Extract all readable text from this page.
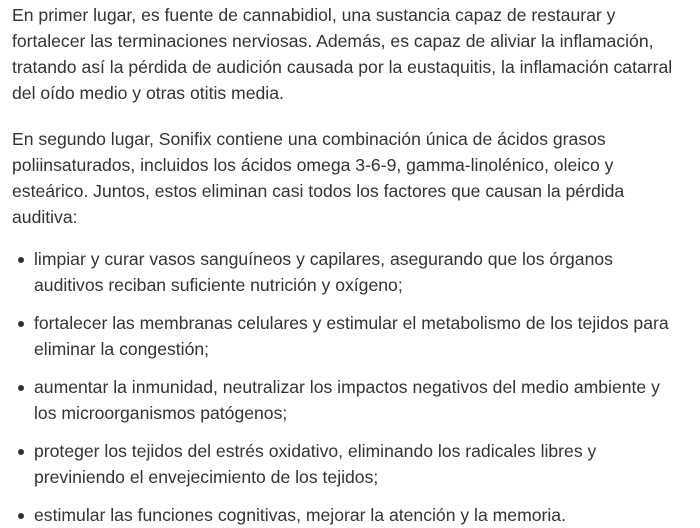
En primer lugar, es fuente de cannabidiol, una sustancia capaz de restaurar y fortalecer las terminaciones nerviosas. Además, es capaz de aliviar la inflamación, tratando así la pérdida de audición causada por la eustaquitis, la inflamación catarral del oído medio y otras otitis media.

En segundo lugar, Sonifix contiene una combinación única de ácidos grasos poliinsaturados, incluidos los ácidos omega 3-6-9, gamma-linolénico, oleico y esteárico. Juntos, estos eliminan casi todos los factores que causan la pérdida auditiva:

limpiar y curar vasos sanguíneos y capilares, asegurando que los órganos auditivos reciban suficiente nutrición y oxígeno;
fortalecer las membranas celulares y estimular el metabolismo de los tejidos para eliminar la congestión;
aumentar la inmunidad, neutralizar los impactos negativos del medio ambiente y los microorganismos patógenos;
proteger los tejidos del estrés oxidativo, eliminando los radicales libres y previniendo el envejecimiento de los tejidos;
estimular las funciones cognitivas, mejorar la atención y la memoria.
